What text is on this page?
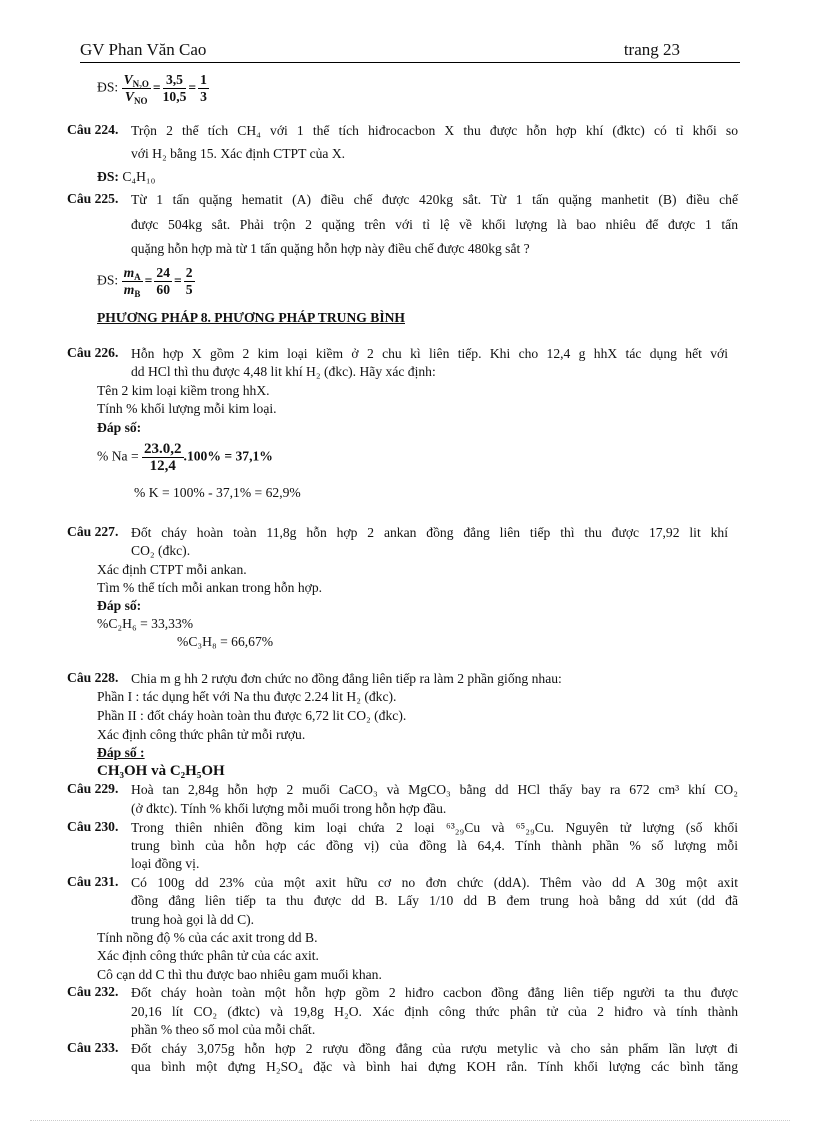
GV Phan Văn Cao	trang 23
ĐS: $\frac{V_{N_2O}}{V_{NO}} = \frac{3,5}{10,5} = \frac{1}{3}$
Câu 224. Trộn 2 thể tích CH₄ với 1 thể tích hiđrocacbon X thu được hỗn hợp khí (đktc) có tỉ khối so
với H₂ bằng 15. Xác định CTPT của X.
ĐS: C₄H₁₀
Câu 225. Từ 1 tấn quặng hematit (A) điều chế được 420kg sắt. Từ 1 tấn quặng manhetit (B) điều chế
được 504kg sắt. Phải trộn 2 quặng trên với tỉ lệ về khối lượng là bao nhiêu để được 1 tấn
quặng hỗn hợp mà từ 1 tấn quặng hỗn hợp này điều chế được 480kg sắt ?
ĐS: $\frac{m_A}{m_B} = \frac{24}{60} = \frac{2}{5}$
PHƯƠNG PHÁP 8. PHƯƠNG PHÁP TRUNG BÌNH
Câu 226. Hỗn hợp X gồm 2 kim loại kiềm ở 2 chu kì liên tiếp. Khi cho 12,4 g hhX tác dụng hết với
dd HCl thì thu được 4,48 lit khí H₂ (đkc). Hãy xác định:
Tên 2 kim loại kiềm trong hhX.
Tính % khối lượng mỗi kim loại.
Đáp số:
% $Na = \frac{23.0,2}{12,4} .100\% = 37,1\%$
% K = 100% - 37,1% = 62,9%
Câu 227. Đốt cháy hoàn toàn 11,8g hỗn hợp 2 ankan đồng đẳng liên tiếp thì thu được 17,92 lit khí
CO₂ (đkc).
Xác định CTPT mỗi ankan.
Tìm % thể tích mỗi ankan trong hỗn hợp.
Đáp số:
%C₂H₆ = 33,33%
%C₃H₈ = 66,67%
Câu 228. Chia m g hh 2 rượu đơn chức no đồng đẳng liên tiếp ra làm 2 phần giống nhau:
Phần I : tác dụng hết với Na thu được 2.24 lit H₂ (đkc).
Phần II : đốt cháy hoàn toàn thu được 6,72 lit CO₂ (đkc).
Xác định công thức phân tử mỗi rượu.
Đáp số :
CH₃OH và C₂H₅OH
Câu 229. Hoà tan 2,84g hỗn hợp 2 muối CaCO₃ và MgCO₃ bằng dd HCl thấy bay ra 672 cm³ khí CO₂
(ở đktc). Tính % khối lượng mỗi muối trong hỗn hợp đầu.
Câu 230. Trong thiên nhiên đồng kim loại chứa 2 loại ⁶³₂₉Cu và ⁶⁵₂₉Cu. Nguyên tử lượng (số khối
trung bình của hỗn hợp các đồng vị) của đồng là 64,4. Tính thành phần % số lượng mỗi
loại đồng vị.
Câu 231. Có 100g dd 23% của một axit hữu cơ no đơn chức (ddA). Thêm vào dd A 30g một axit
đồng đẳng liên tiếp ta thu được dd B. Lấy 1/10 dd B đem trung hoà bằng dd xút (dd đã
trung hoà gọi là dd C).
Tính nồng độ % của các axit trong dd B.
Xác định công thức phân tử của các axit.
Cô cạn dd C thì thu được bao nhiêu gam muối khan.
Câu 232. Đốt cháy hoàn toàn một hỗn hợp gồm 2 hiđro cacbon đồng đẳng liên tiếp người ta thu được
20,16 lít CO₂ (đktc) và 19,8g H₂O. Xác định công thức phân tử của 2 hiđro và tính thành
phần % theo số mol của mỗi chất.
Câu 233. Đốt cháy 3,075g hỗn hợp 2 rượu đồng đẳng của rượu metylic và cho sản phẩm lần lượt đi
qua bình một đựng H₂SO₄ đặc và bình hai đựng KOH rắn. Tính khối lượng các bình tăng
